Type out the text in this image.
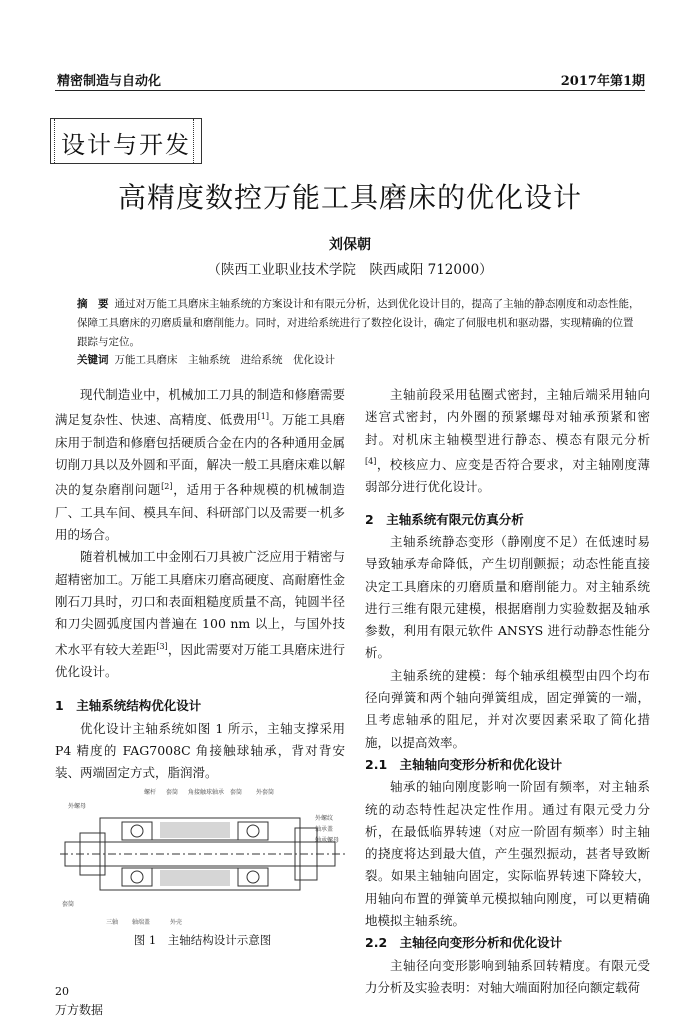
精密制造与自动化	2017年第1期
设计与开发
高精度数控万能工具磨床的优化设计
刘保朝
（陕西工业职业技术学院　陕西咸阳 712000）
摘　要 通过对万能工具磨床主轴系统的方案设计和有限元分析，达到优化设计目的，提高了主轴的静态刚度和动态性能，保障工具磨床的刃磨质量和磨削能力。同时，对进给系统进行了数控化设计，确定了伺服电机和驱动器，实现精确的位置跟踪与定位。
关键词 万能工具磨床　主轴系统　进给系统　优化设计

现代制造业中，机械加工刀具的制造和修磨需要满足复杂性、快速、高精度、低费用[1]。万能工具磨床用于制造和修磨包括硬质合金在内的各种通用金属切削刀具以及外圆和平面，解决一般工具磨床难以解决的复杂磨削问题[2]，适用于各种规模的机械制造厂、工具车间、模具车间、科研部门以及需要一机多用的场合。

随着机械加工中金刚石刀具被广泛应用于精密与超精密加工。万能工具磨床刃磨高硬度、高耐磨性金刚石刀具时，刃口和表面粗糙度质量不高，钝圆半径和刀尖圆弧度国内普遍在 100 nm 以上，与国外技术水平有较大差距[3]，因此需要对万能工具磨床进行优化设计。

1　主轴系统结构优化设计

优化设计主轴系统如图 1 所示，主轴支撑采用 P4 精度的 FAG7008C 角接触球轴承，背对背安装、两端固定方式，脂润滑。

螺杆 套筒 角接触球轴承 套筒 外套筒
外螺纹
轴承盖
轴承螺母
外螺母
套筒
三轴 轴端盖	外壳
图 1　主轴结构设计示意图

主轴前段采用毡圈式密封，主轴后端采用轴向迷宫式密封，内外圈的预紧螺母对轴承预紧和密封。对机床主轴模型进行静态、模态有限元分析[4]，校核应力、应变是否符合要求，对主轴刚度薄弱部分进行优化设计。

2　主轴系统有限元仿真分析

主轴系统静态变形（静刚度不足）在低速时易导致轴承寿命降低，产生切削颤振；动态性能直接决定工具磨床的刃磨质量和磨削能力。对主轴系统进行三维有限元建模，根据磨削力实验数据及轴承参数，利用有限元软件 ANSYS 进行动静态性能分析。

主轴系统的建模：每个轴承组模型由四个均布径向弹簧和两个轴向弹簧组成，固定弹簧的一端，且考虑轴承的阻尼，并对次要因素采取了简化措施，以提高效率。

2.1　主轴轴向变形分析和优化设计

轴承的轴向刚度影响一阶固有频率，对主轴系统的动态特性起决定性作用。通过有限元受力分析，在最低临界转速（对应一阶固有频率）时主轴的挠度将达到最大值，产生强烈振动，甚者导致断裂。如果主轴轴向固定，实际临界转速下降较大，用轴向布置的弹簧单元模拟轴向刚度，可以更精确地模拟主轴系统。

2.2　主轴径向变形分析和优化设计

主轴径向变形影响到轴系回转精度。有限元受力分析及实验表明：对轴大端面附加径向额定载荷

20
万方数据
